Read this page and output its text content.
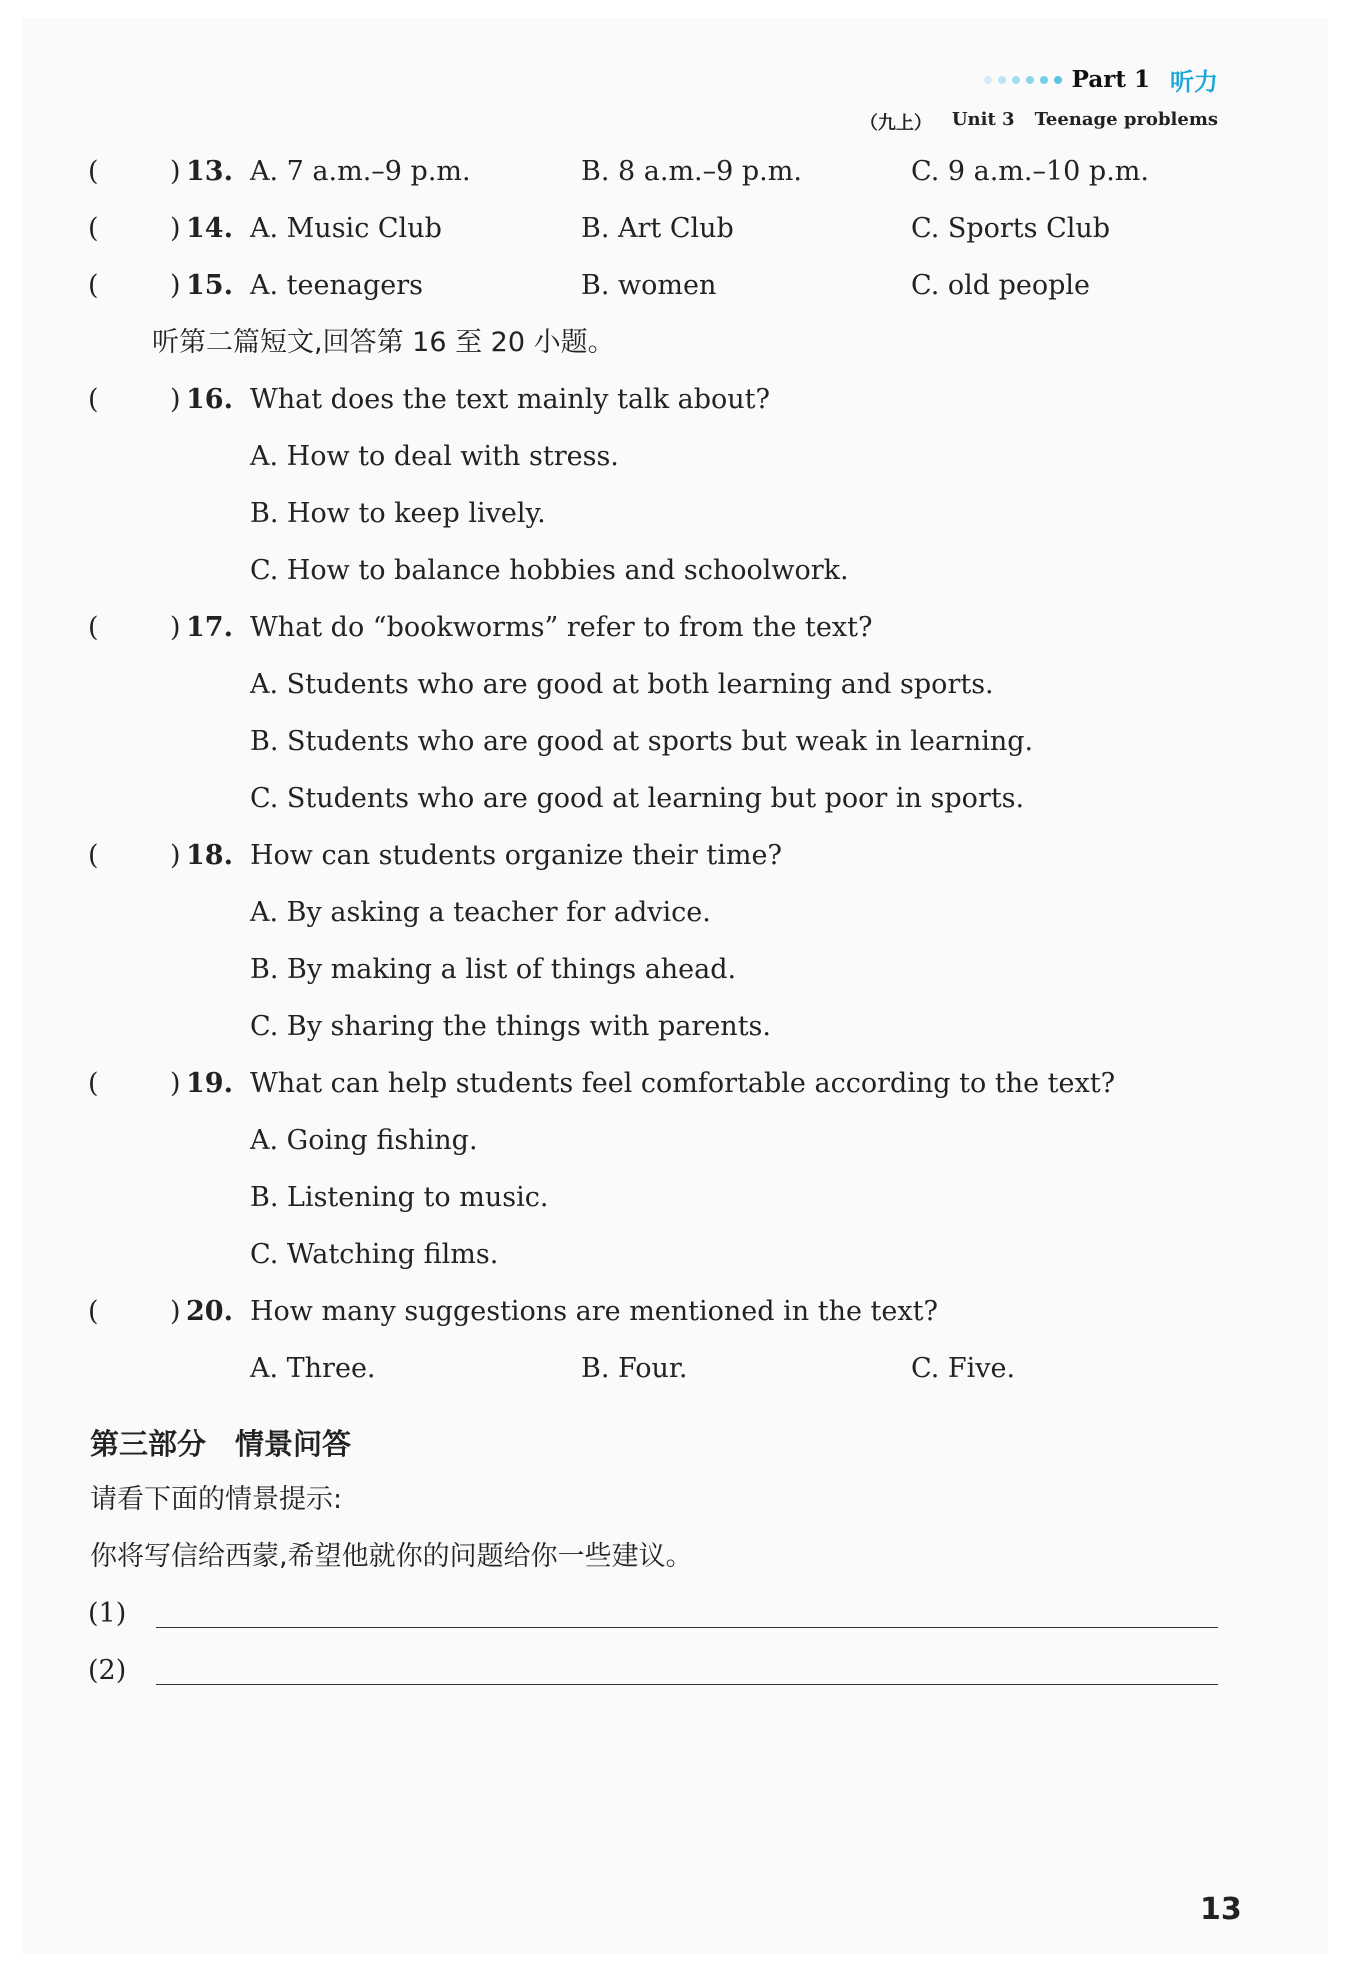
Part 1 听力
（九上） Unit 3 Teenage problems
(	) 13. A. 7 a.m.–9 p.m.	B. 8 a.m.–9 p.m.	C. 9 a.m.–10 p.m.
(	) 14. A. Music Club	B. Art Club	C. Sports Club
(	) 15. A. teenagers	B. women	C. old people
听第二篇短文,回答第 16 至 20 小题。
(	) 16. What does the text mainly talk about?
A. How to deal with stress.
B. How to keep lively.
C. How to balance hobbies and schoolwork.
(	) 17. What do “bookworms” refer to from the text?
A. Students who are good at both learning and sports.
B. Students who are good at sports but weak in learning.
C. Students who are good at learning but poor in sports.
(	) 18. How can students organize their time?
A. By asking a teacher for advice.
B. By making a list of things ahead.
C. By sharing the things with parents.
(	) 19. What can help students feel comfortable according to the text?
A. Going fishing.
B. Listening to music.
C. Watching films.
(	) 20. How many suggestions are mentioned in the text?
A. Three.	B. Four.	C. Five.
第三部分　情景问答
请看下面的情景提示:
你将写信给西蒙,希望他就你的问题给你一些建议。
(1)
(2)
13
